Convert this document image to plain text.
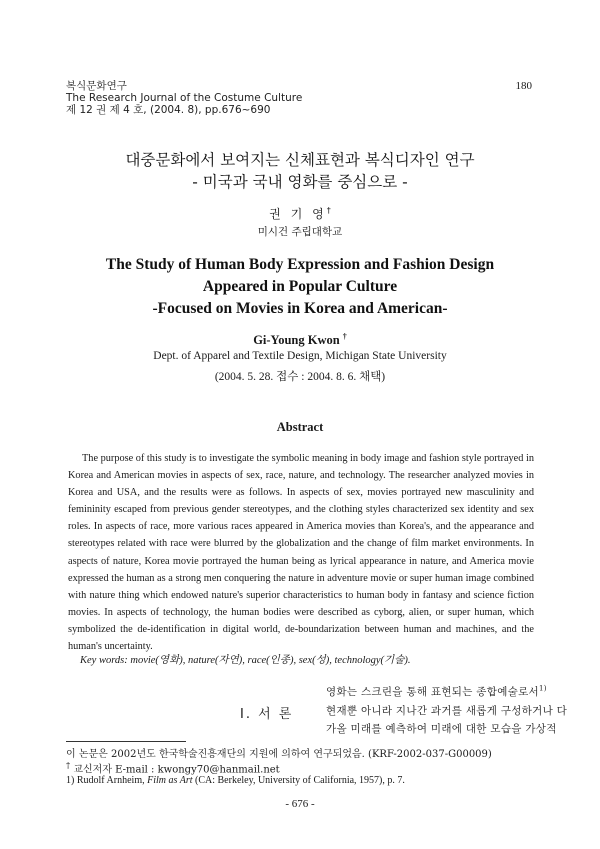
복식문화연구
The Research Journal of the Costume Culture
제 12 권 제 4 호, (2004. 8), pp.676~690
180
대중문화에서 보여지는 신체표현과 복식디자인 연구
- 미국과 국내 영화를 중심으로 -
권 기 영†
미시건 주립대학교
The Study of Human Body Expression and Fashion Design
Appeared in Popular Culture
-Focused on Movies in Korea and American-
Gi-Young Kwon †
Dept. of Apparel and Textile Design, Michigan State University
(2004. 5. 28. 접수 : 2004. 8. 6. 채택)
Abstract

The purpose of this study is to investigate the symbolic meaning in body image and fashion style portrayed in Korea and American movies in aspects of sex, race, nature, and technology. The researcher analyzed movies in Korea and USA, and the results were as follows. In aspects of sex, movies portrayed new masculinity and femininity escaped from previous gender stereotypes, and the clothing styles characterized sex identity and sex roles. In aspects of race, more various races appeared in America movies than Korea's, and the appearance and stereotypes related with race were blurred by the globalization and the change of film market environments. In aspects of nature, Korea movie portrayed the human being as lyrical appearance in nature, and America movie expressed the human as a strong men conquering the nature in adventure movie or super human image combined with nature thing which endowed nature's superior characteristics to human body in fantasy and science fiction movies. In aspects of technology, the human bodies were described as cyborg, alien, or super human, which symbolized the de-identification in digital world, de-boundarization between human and machines, and the human's uncertainty.

Key words: movie(영화), nature(자연), race(인종), sex(성), technology(기술).
I. 서 론
영화는 스크린을 통해 표현되는 종합예술로서$^{1)}$
현재뿐 아니라 지나간 과거를 새롭게 구성하거나 다
가올 미래를 예측하여 미래에 대한 모습을 가상적
이 논문은 2002년도 한국학술진흥재단의 지원에 의하여 연구되었음. (KRF-2002-037-G00009)
† 교신저자 E-mail : kwongy70@hanmail.net
1) Rudolf Arnheim, Film as Art (CA: Berkeley, University of California, 1957), p. 7.
- 676 -
